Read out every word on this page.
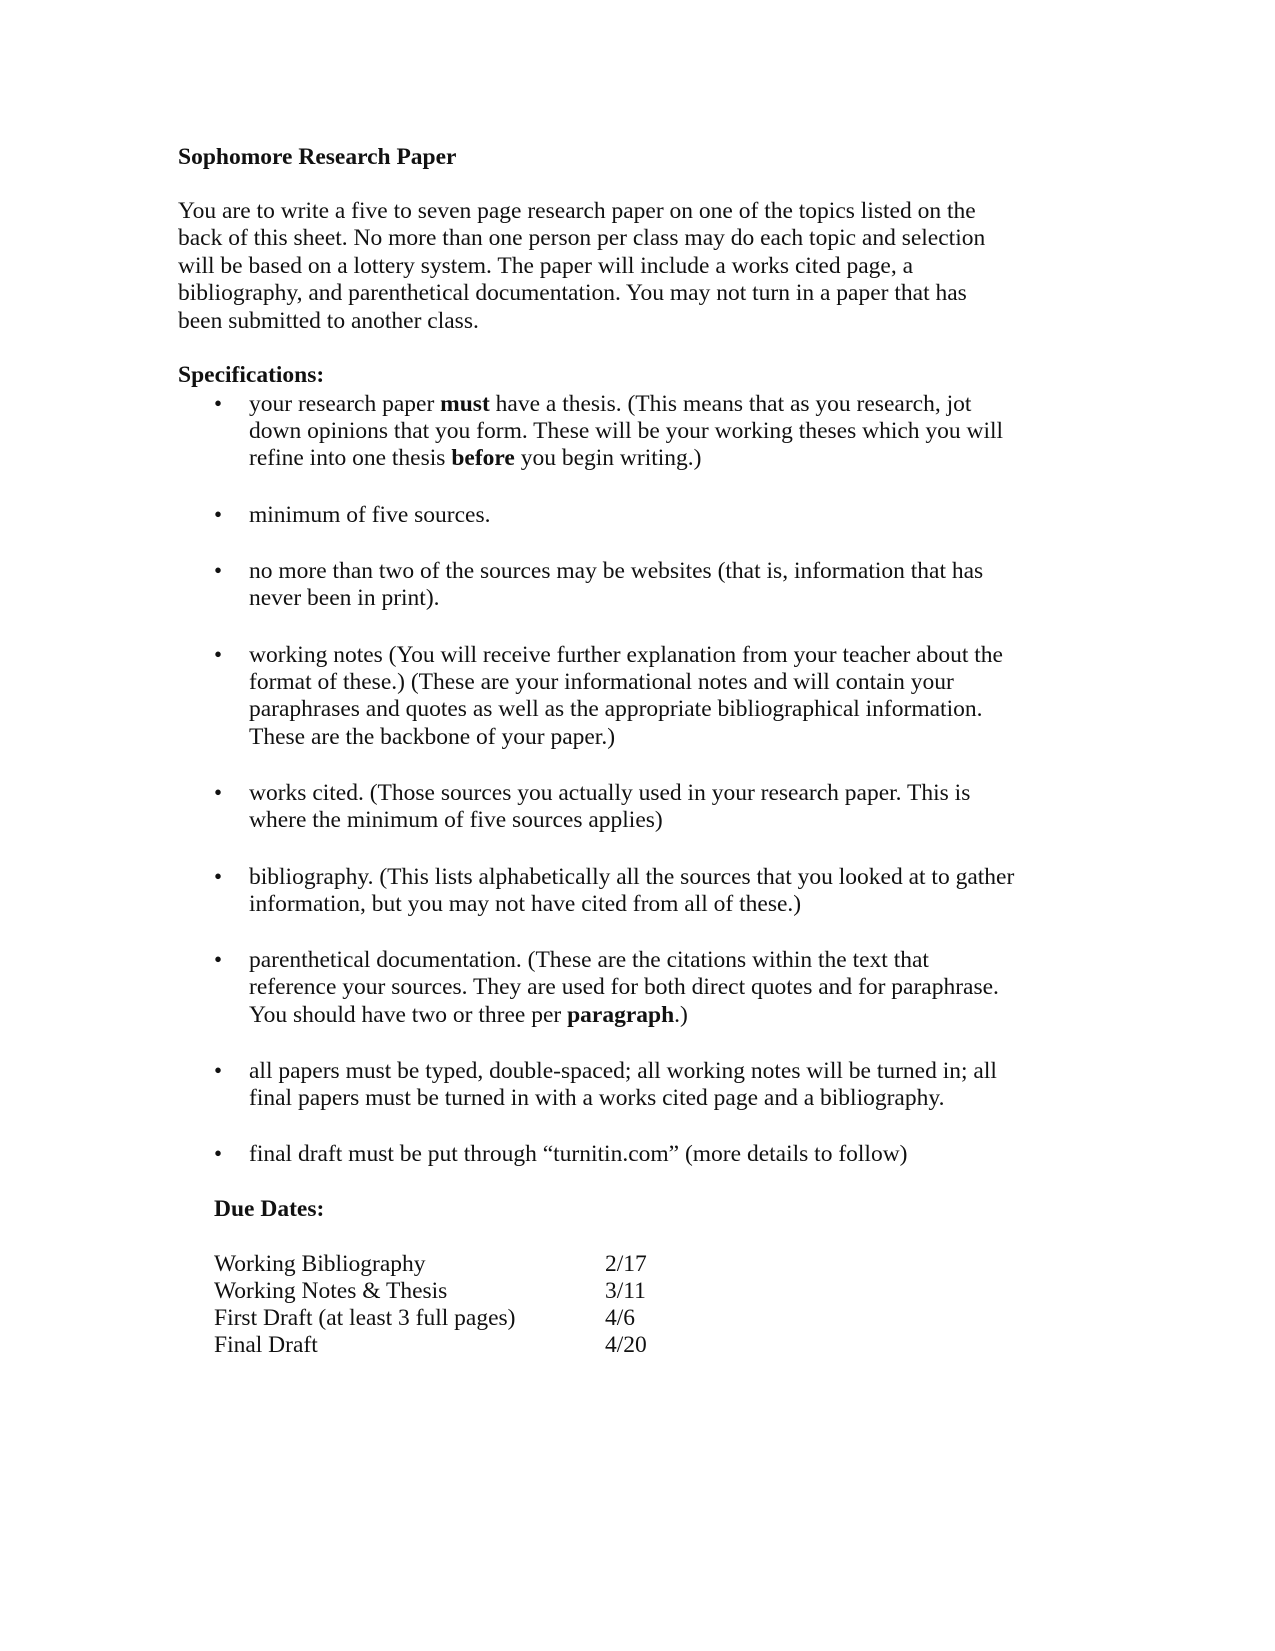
Sophomore Research Paper
You are to write a five to seven page research paper on one of the topics listed on the
back of this sheet. No more than one person per class may do each topic and selection
will be based on a lottery system. The paper will include a works cited page, a
bibliography, and parenthetical documentation. You may not turn in a paper that has
been submitted to another class.
Specifications:
• your research paper must have a thesis. (This means that as you research, jot
down opinions that you form. These will be your working theses which you will
refine into one thesis before you begin writing.)
• minimum of five sources.
• no more than two of the sources may be websites (that is, information that has
never been in print).
• working notes (You will receive further explanation from your teacher about the
format of these.) (These are your informational notes and will contain your
paraphrases and quotes as well as the appropriate bibliographical information.
These are the backbone of your paper.)
• works cited. (Those sources you actually used in your research paper. This is
where the minimum of five sources applies)
• bibliography. (This lists alphabetically all the sources that you looked at to gather
information, but you may not have cited from all of these.)
• parenthetical documentation. (These are the citations within the text that
reference your sources. They are used for both direct quotes and for paraphrase.
You should have two or three per paragraph.)
• all papers must be typed, double-spaced; all working notes will be turned in; all
final papers must be turned in with a works cited page and a bibliography.
• final draft must be put through “turnitin.com” (more details to follow)
Due Dates:
Working Bibliography	2/17
Working Notes & Thesis	3/11
First Draft (at least 3 full pages)	4/6
Final Draft	4/20
